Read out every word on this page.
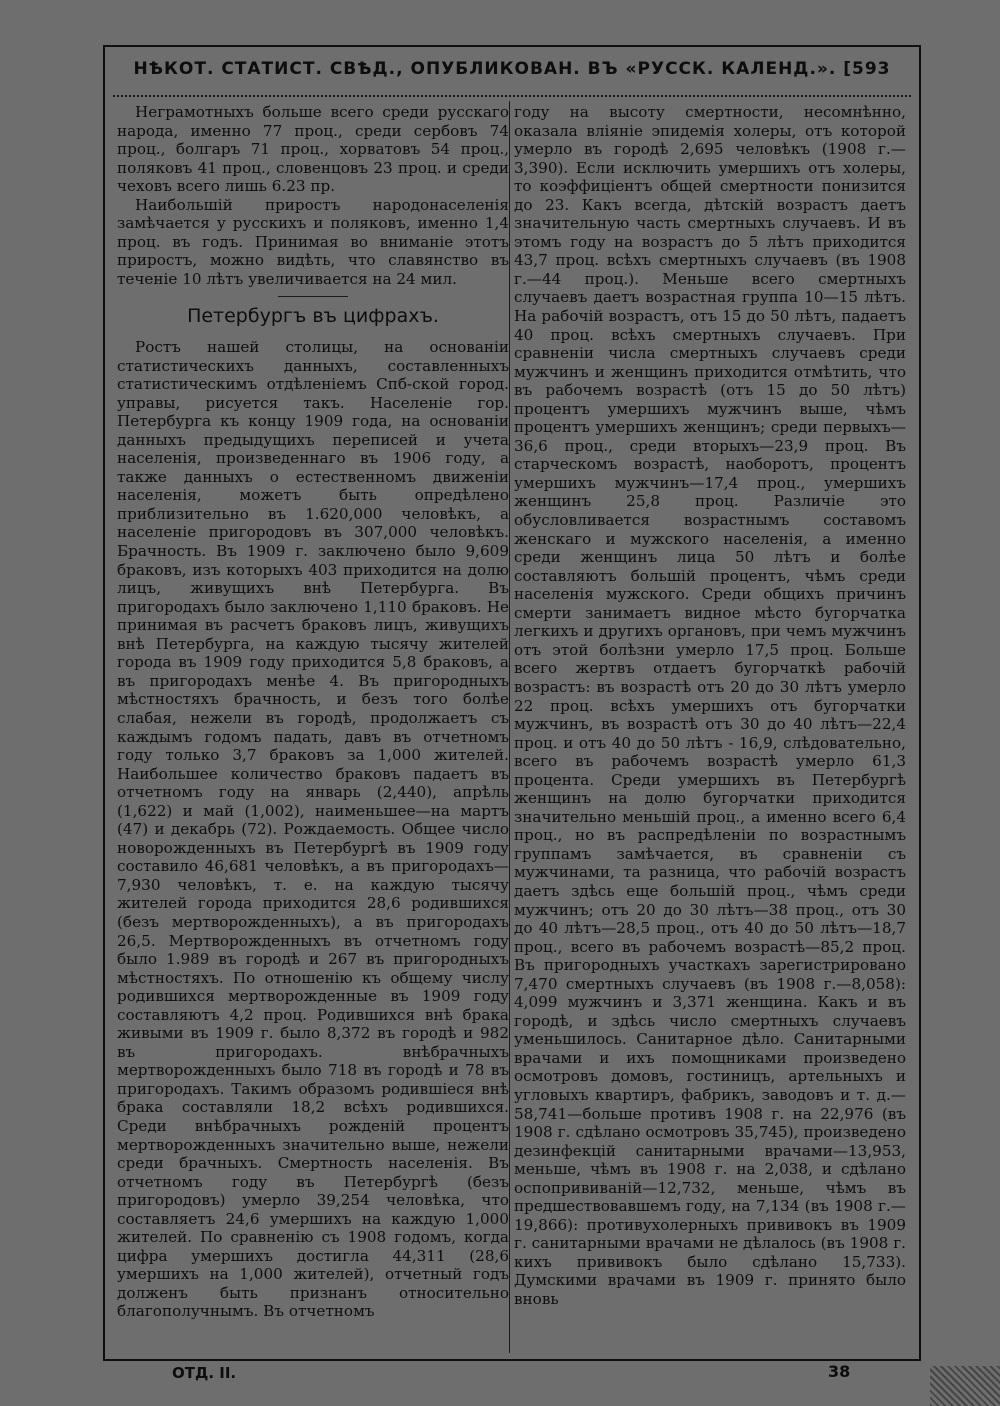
НѢКОТ. СТАТИСТ. СВѢД., ОПУБЛИКОВАН. ВЪ «РУССК. КАЛЕНД.». [593

Неграмотныхъ больше всего среди русскаго народа, именно 77 проц., среди сербовъ 74 проц., болгаръ 71 проц., хорватовъ 54 проц., поляковъ 41 проц., словенцовъ 23 проц. и среди чеховъ всего лишь 6.23 пр.

Наибольшій приростъ народонаселенія замѣчается у русскихъ и поляковъ, именно 1,4 проц. въ годъ. Принимая во вниманіе этотъ приростъ, можно видѣть, что славянство въ теченіе 10 лѣтъ увеличивается на 24 мил.

Петербургъ въ цифрахъ.

Ростъ нашей столицы, на основаніи статистическихъ данныхъ, составленныхъ статистическимъ отдѣленіемъ Спб-ской город. управы, рисуется такъ. Населеніе гор. Петербурга къ концу 1909 года, на основаніи данныхъ предыдущихъ переписей и учета населенія, произведеннаго въ 1906 году, а также данныхъ о естественномъ движеніи населенія, можетъ быть опредѣлено приблизительно въ 1.620,000 человѣкъ, а населеніе пригородовъ въ 307,000 человѣкъ. Брачность. Въ 1909 г. заключено было 9,609 браковъ, изъ которыхъ 403 приходится на долю лицъ, живущихъ внѣ Петербурга. Въ пригородахъ было заключено 1,110 браковъ. Не принимая въ расчетъ браковъ лицъ, живущихъ внѣ Петербурга, на каждую тысячу жителей города въ 1909 году приходится 5,8 браковъ, а въ пригородахъ менѣе 4. Въ пригородныхъ мѣстностяхъ брачность, и безъ того болѣе слабая, нежели въ городѣ, продолжаетъ съ каждымъ годомъ падать, давъ въ отчетномъ году только 3,7 браковъ за 1,000 жителей. Наибольшее количество браковъ падаетъ въ отчетномъ году на январь (2,440), апрѣль (1,622) и май (1,002), наименьшее—на мартъ (47) и декабрь (72). Рождаемость. Общее число новорожденныхъ въ Петербургѣ въ 1909 году составило 46,681 человѣкъ, а въ пригородахъ—7,930 человѣкъ, т. е. на каждую тысячу жителей города приходится 28,6 родившихся (безъ мертворожденныхъ), а въ пригородахъ 26,5. Мертворожденныхъ въ отчетномъ году было 1.989 въ городѣ и 267 въ пригородныхъ мѣстностяхъ. По отношенію къ общему числу родившихся мертворожденные въ 1909 году составляютъ 4,2 проц. Родившихся внѣ брака живыми въ 1909 г. было 8,372 въ городѣ и 982 въ пригородахъ. внѣбрачныхъ мертворожденныхъ было 718 въ городѣ и 78 въ пригородахъ. Такимъ образомъ родившіеся внѣ брака составляли 18,2 всѣхъ родившихся. Среди внѣбрачныхъ рожденій процентъ мертворожденныхъ значительно выше, нежели среди брачныхъ. Смертность населенія. Въ отчетномъ году въ Петербургѣ (безъ пригородовъ) умерло 39,254 человѣка, что составляетъ 24,6 умершихъ на каждую 1,000 жителей. По сравненію съ 1908 годомъ, когда цифра умершихъ достигла 44,311 (28,6 умершихъ на 1,000 жителей), отчетный годъ долженъ быть признанъ относительно благополучнымъ. Въ отчетномъ

году на высоту смертности, несомнѣнно, оказала вліяніе эпидемія холеры, отъ которой умерло въ городѣ 2,695 человѣкъ (1908 г.—3,390). Если исключить умершихъ отъ холеры, то коэффиціентъ общей смертности понизится до 23. Какъ всегда, дѣтскій возрастъ даетъ значительную часть смертныхъ случаевъ. И въ этомъ году на возрастъ до 5 лѣтъ приходится 43,7 проц. всѣхъ смертныхъ случаевъ (въ 1908 г.—44 проц.). Меньше всего смертныхъ случаевъ даетъ возрастная группа 10—15 лѣтъ. На рабочій возрастъ, отъ 15 до 50 лѣтъ, падаетъ 40 проц. всѣхъ смертныхъ случаевъ. При сравненіи числа смертныхъ случаевъ среди мужчинъ и женщинъ приходится отмѣтить, что въ рабочемъ возрастѣ (отъ 15 до 50 лѣтъ) процентъ умершихъ мужчинъ выше, чѣмъ процентъ умершихъ женщинъ; среди первыхъ—36,6 проц., среди вторыхъ—23,9 проц. Въ старческомъ возрастѣ, наоборотъ, процентъ умершихъ мужчинъ—17,4 проц., умершихъ женщинъ 25,8 проц. Различіе это обусловливается возрастнымъ составомъ женскаго и мужского населенія, а именно среди женщинъ лица 50 лѣтъ и болѣе составляютъ большій процентъ, чѣмъ среди населенія мужского. Среди общихъ причинъ смерти занимаетъ видное мѣсто бугорчатка легкихъ и другихъ органовъ, при чемъ мужчинъ отъ этой болѣзни умерло 17,5 проц. Больше всего жертвъ отдаетъ бугорчаткѣ рабочій возрастъ: въ возрастѣ отъ 20 до 30 лѣтъ умерло 22 проц. всѣхъ умершихъ отъ бугорчатки мужчинъ, въ возрастѣ отъ 30 до 40 лѣтъ—22,4 проц. и отъ 40 до 50 лѣтъ - 16,9, слѣдовательно, всего въ рабочемъ возрастѣ умерло 61,3 процента. Среди умершихъ въ Петербургѣ женщинъ на долю бугорчатки приходится значительно меньшій проц., а именно всего 6,4 проц., но въ распредѣленіи по возрастнымъ группамъ замѣчается, въ сравненіи съ мужчинами, та разница, что рабочій возрастъ даетъ здѣсь еще большій проц., чѣмъ среди мужчинъ; отъ 20 до 30 лѣтъ—38 проц., отъ 30 до 40 лѣтъ—28,5 проц., отъ 40 до 50 лѣтъ—18,7 проц., всего въ рабочемъ возрастѣ—85,2 проц. Въ пригородныхъ участкахъ зарегистрировано 7,470 смертныхъ случаевъ (въ 1908 г.—8,058): 4,099 мужчинъ и 3,371 женщина. Какъ и въ городѣ, и здѣсь число смертныхъ случаевъ уменьшилось. Санитарное дѣло. Санитарными врачами и ихъ помощниками произведено осмотровъ домовъ, гостиницъ, артельныхъ и угловыхъ квартиръ, фабрикъ, заводовъ и т. д.—58,741—больше противъ 1908 г. на 22,976 (въ 1908 г. сдѣлано осмотровъ 35,745), произведено дезинфекцій санитарными врачами—13,953, меньше, чѣмъ въ 1908 г. на 2,038, и сдѣлано оспопрививаній—12,732, меньше, чѣмъ въ предшествовавшемъ году, на 7,134 (въ 1908 г.—19,866): противухолерныхъ прививокъ въ 1909 г. санитарными врачами не дѣлалось (въ 1908 г. кихъ прививокъ было сдѣлано 15,733). Думскими врачами въ 1909 г. принято было вновь

ОТД. II.	38
